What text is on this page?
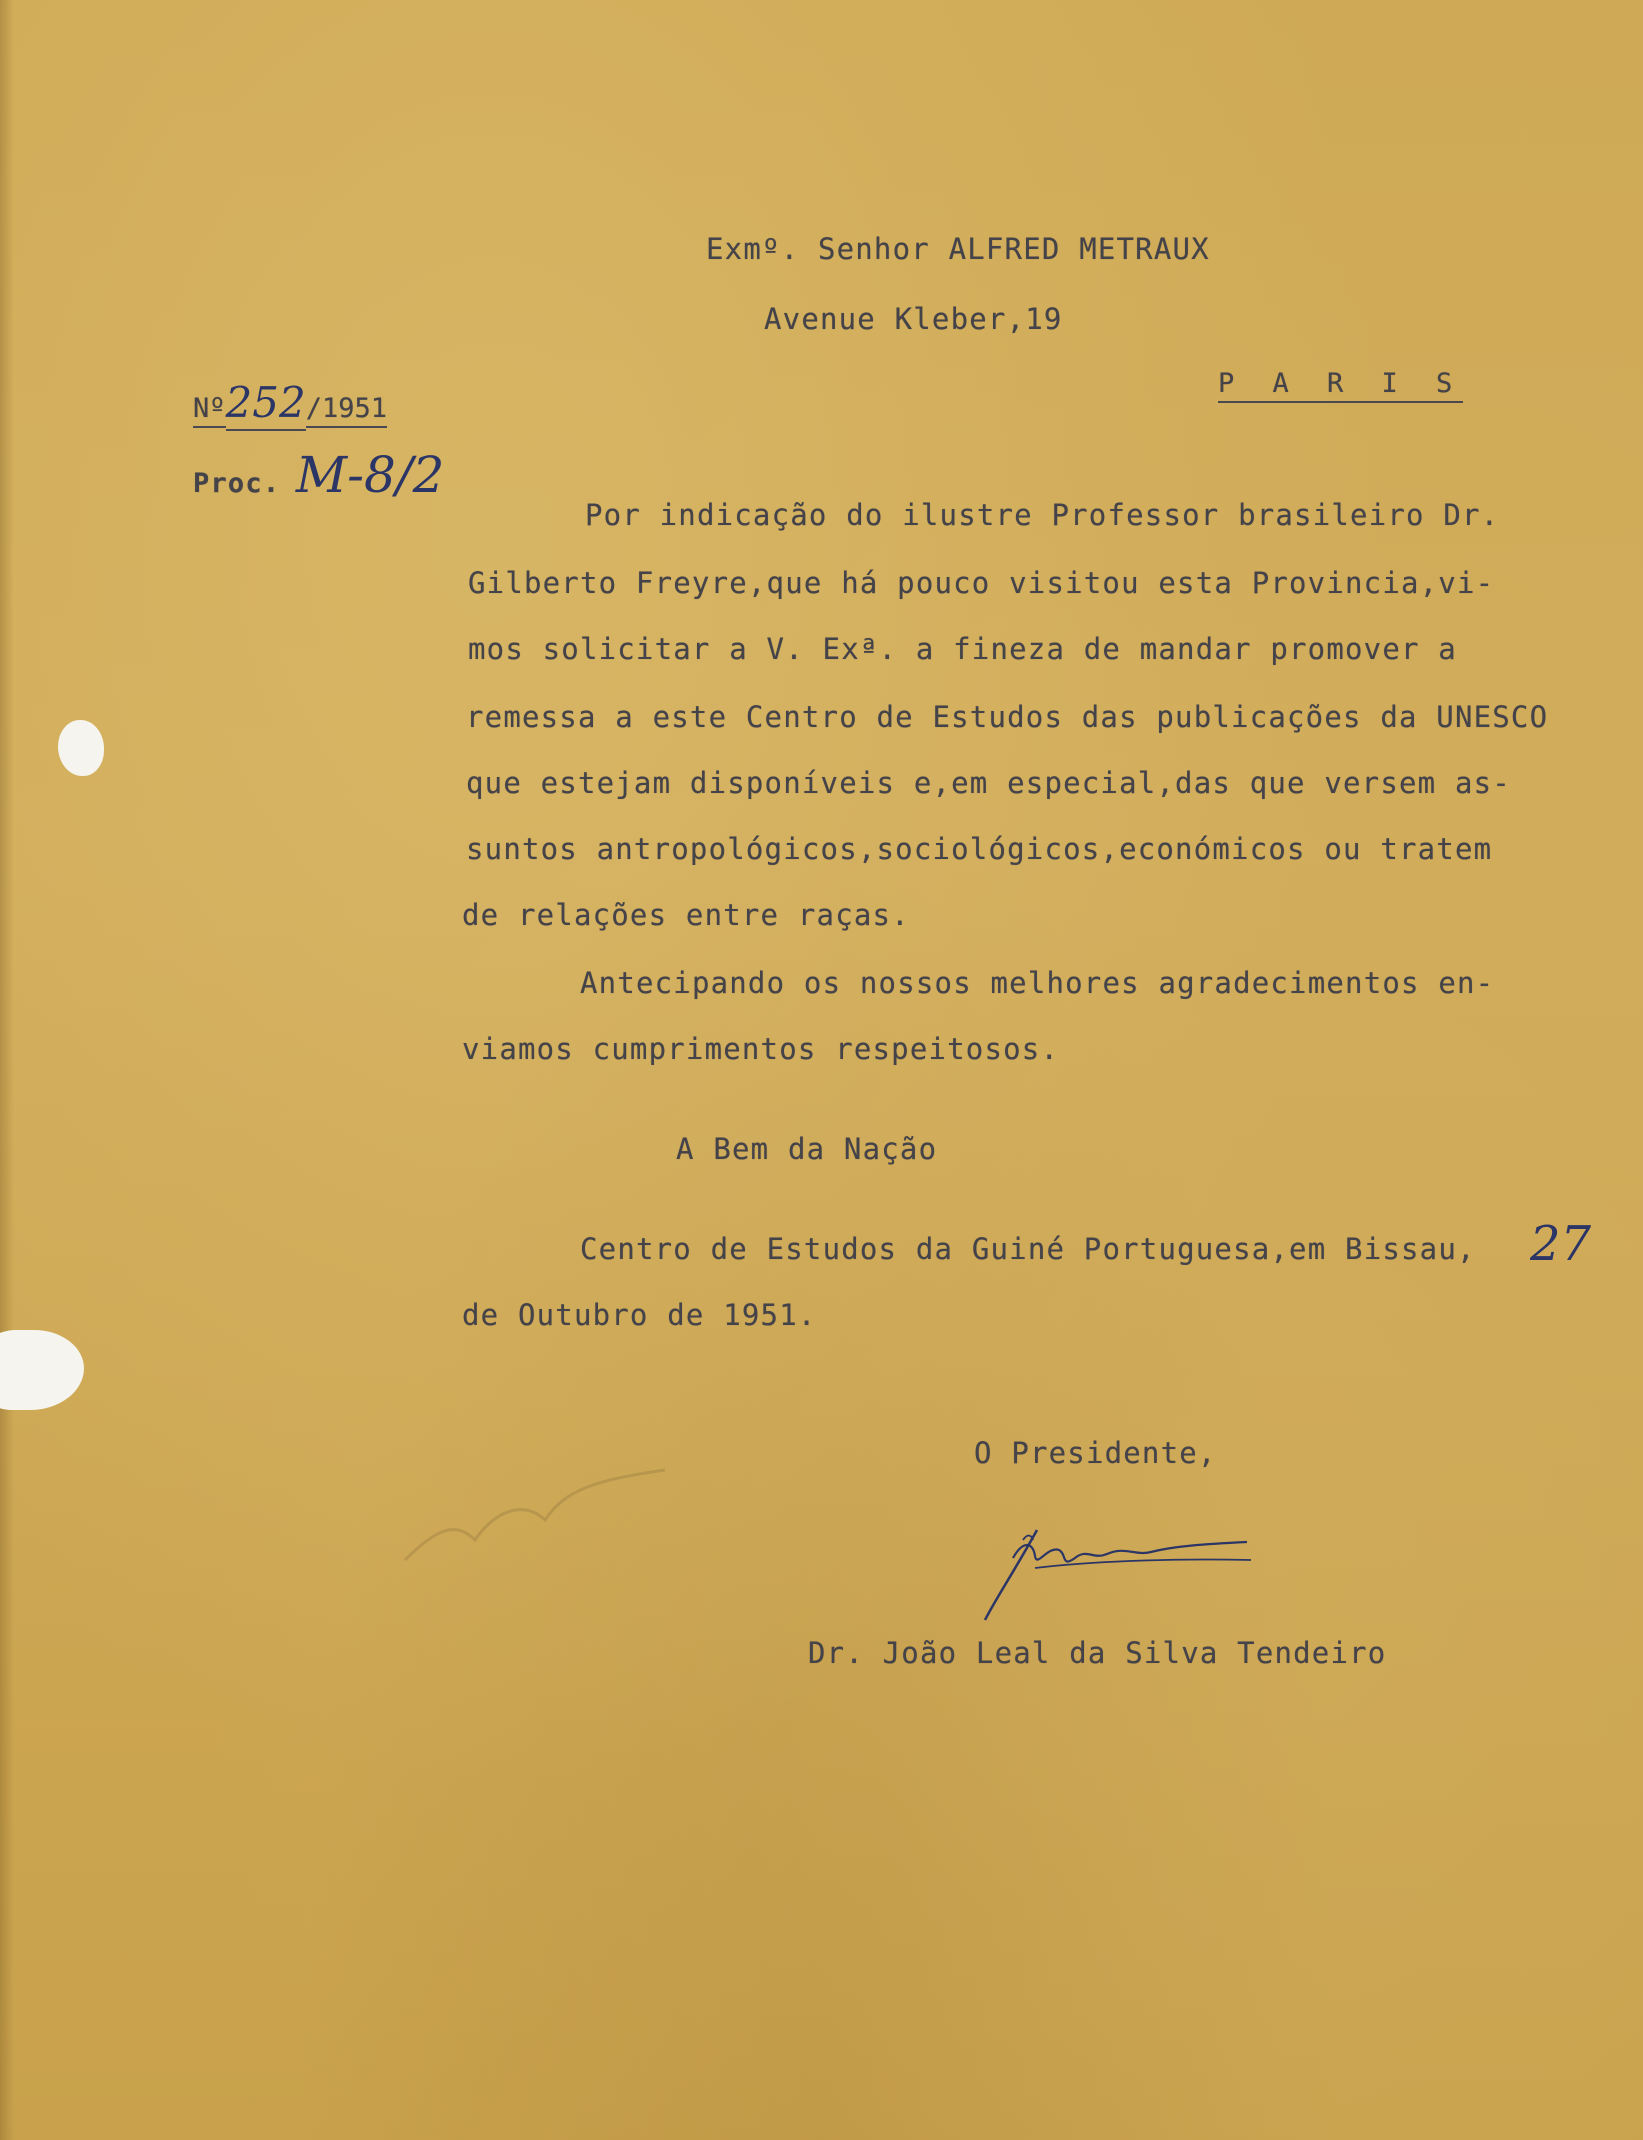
Exmº. Senhor ALFRED METRAUX
Avenue Kleber,19
P A R I S
Nº252/1951
Proc. M-8/2
Por indicação do ilustre Professor brasileiro Dr.
Gilberto Freyre,que há pouco visitou esta Provincia,vi-
mos solicitar a V. Exª. a fineza de mandar promover a
remessa a este Centro de Estudos das publicações da UNESCO
que estejam disponíveis e,em especial,das que versem as-
suntos antropológicos,sociológicos,económicos ou tratem
de relações entre raças.
Antecipando os nossos melhores agradecimentos en-
viamos cumprimentos respeitosos.
A Bem da Nação
Centro de Estudos da Guiné Portuguesa,em Bissau, 27
de Outubro de 1951.
O Presidente,
Dr. João Leal da Silva Tendeiro
